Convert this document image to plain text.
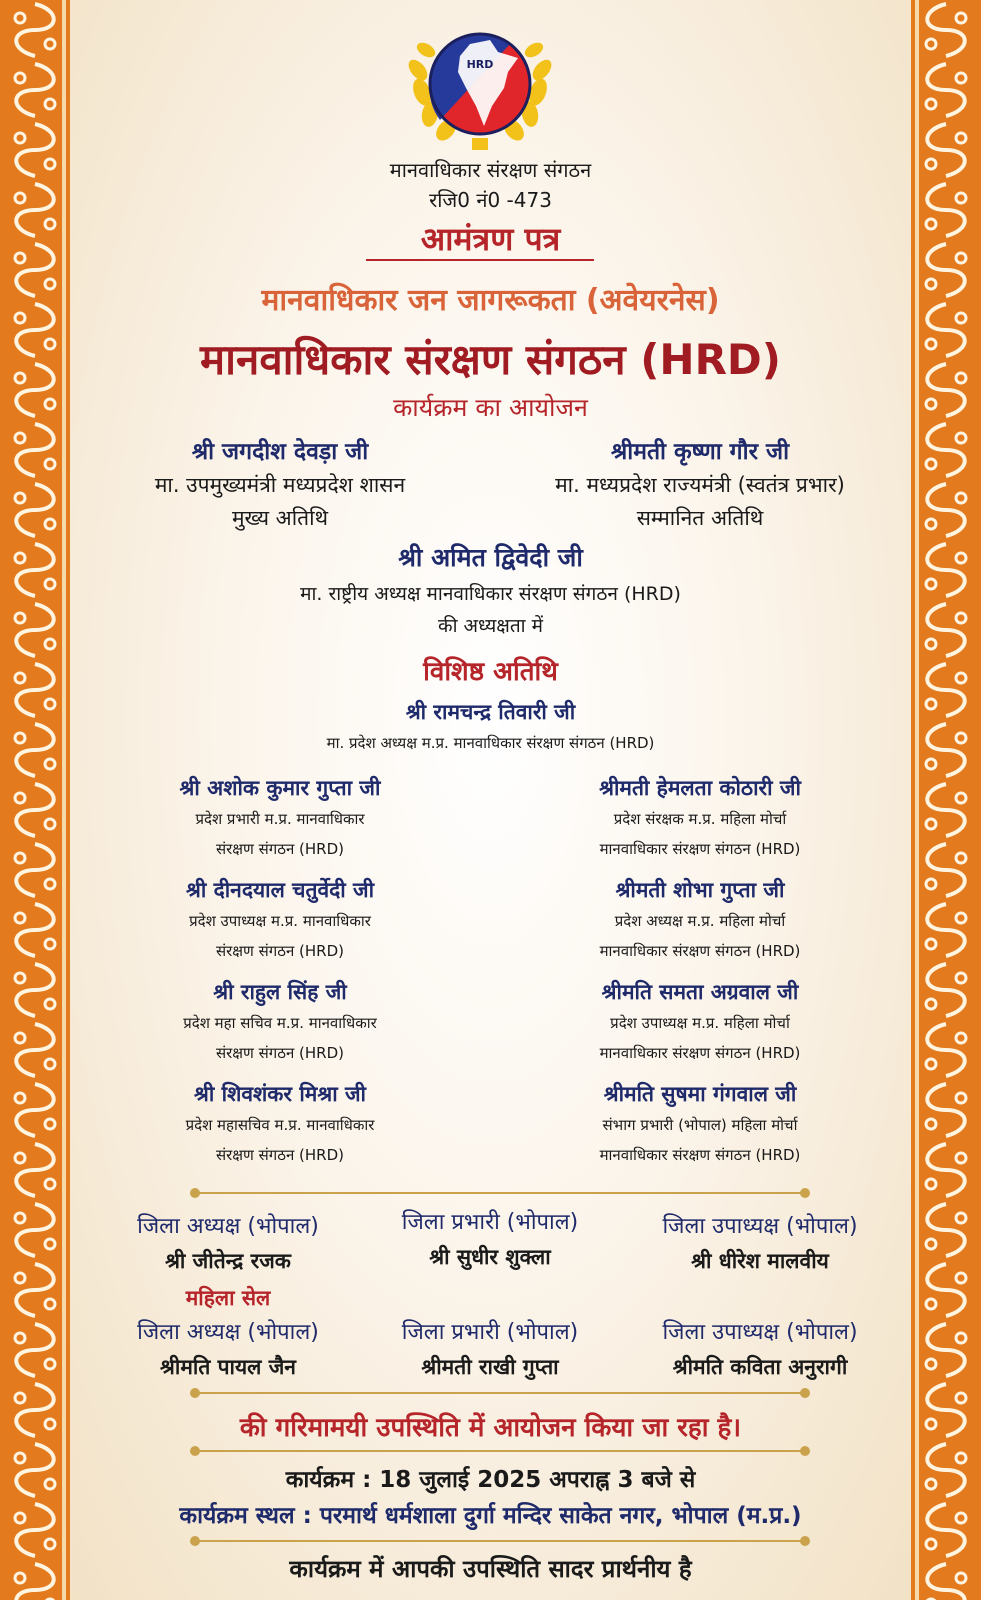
HRD
मानवाधिकार संरक्षण संगठन
रजि0 नं0 -473
आमंत्रण पत्र
मानवाधिकार जन जागरूकता (अवेयरनेस)
मानवाधिकार संरक्षण संगठन (HRD)
कार्यक्रम का आयोजन
श्री जगदीश देवड़ा जी
मा. उपमुख्यमंत्री मध्यप्रदेश शासन
मुख्य अतिथि
श्रीमती कृष्णा गौर जी
मा. मध्यप्रदेश राज्यमंत्री (स्वतंत्र प्रभार)
सम्मानित अतिथि
श्री अमित द्विवेदी जी
मा. राष्ट्रीय अध्यक्ष मानवाधिकार संरक्षण संगठन (HRD)
की अध्यक्षता में
विशिष्ठ अतिथि
श्री रामचन्द्र तिवारी जी
मा. प्रदेश अध्यक्ष म.प्र. मानवाधिकार संरक्षण संगठन (HRD)
श्री अशोक कुमार गुप्ता जी
प्रदेश प्रभारी म.प्र. मानवाधिकार
संरक्षण संगठन (HRD)
श्री दीनदयाल चतुर्वेदी जी
प्रदेश उपाध्यक्ष म.प्र. मानवाधिकार
संरक्षण संगठन (HRD)
श्री राहुल सिंह जी
प्रदेश महा सचिव म.प्र. मानवाधिकार
संरक्षण संगठन (HRD)
श्री शिवशंकर मिश्रा जी
प्रदेश महासचिव म.प्र. मानवाधिकार
संरक्षण संगठन (HRD)
श्रीमती हेमलता कोठारी जी
प्रदेश संरक्षक म.प्र. महिला मोर्चा
मानवाधिकार संरक्षण संगठन (HRD)
श्रीमती शोभा गुप्ता जी
प्रदेश अध्यक्ष म.प्र. महिला मोर्चा
मानवाधिकार संरक्षण संगठन (HRD)
श्रीमति समता अग्रवाल जी
प्रदेश उपाध्यक्ष म.प्र. महिला मोर्चा
मानवाधिकार संरक्षण संगठन (HRD)
श्रीमति सुषमा गंगवाल जी
संभाग प्रभारी (भोपाल) महिला मोर्चा
मानवाधिकार संरक्षण संगठन (HRD)
जिला अध्यक्ष (भोपाल)
श्री जीतेन्द्र रजक
जिला प्रभारी (भोपाल)
श्री सुधीर शुक्ला
जिला उपाध्यक्ष (भोपाल)
श्री धीरेश मालवीय
महिला सेल
जिला अध्यक्ष (भोपाल)
श्रीमति पायल जैन
जिला प्रभारी (भोपाल)
श्रीमती राखी गुप्ता
जिला उपाध्यक्ष (भोपाल)
श्रीमति कविता अनुरागी
की गरिमामयी उपस्थिति में आयोजन किया जा रहा है।
कार्यक्रम : 18 जुलाई 2025 अपराह्न 3 बजे से
कार्यक्रम स्थल : परमार्थ धर्मशाला दुर्गा मन्दिर साकेत नगर, भोपाल (म.प्र.)
कार्यक्रम में आपकी उपस्थिति सादर प्रार्थनीय है
